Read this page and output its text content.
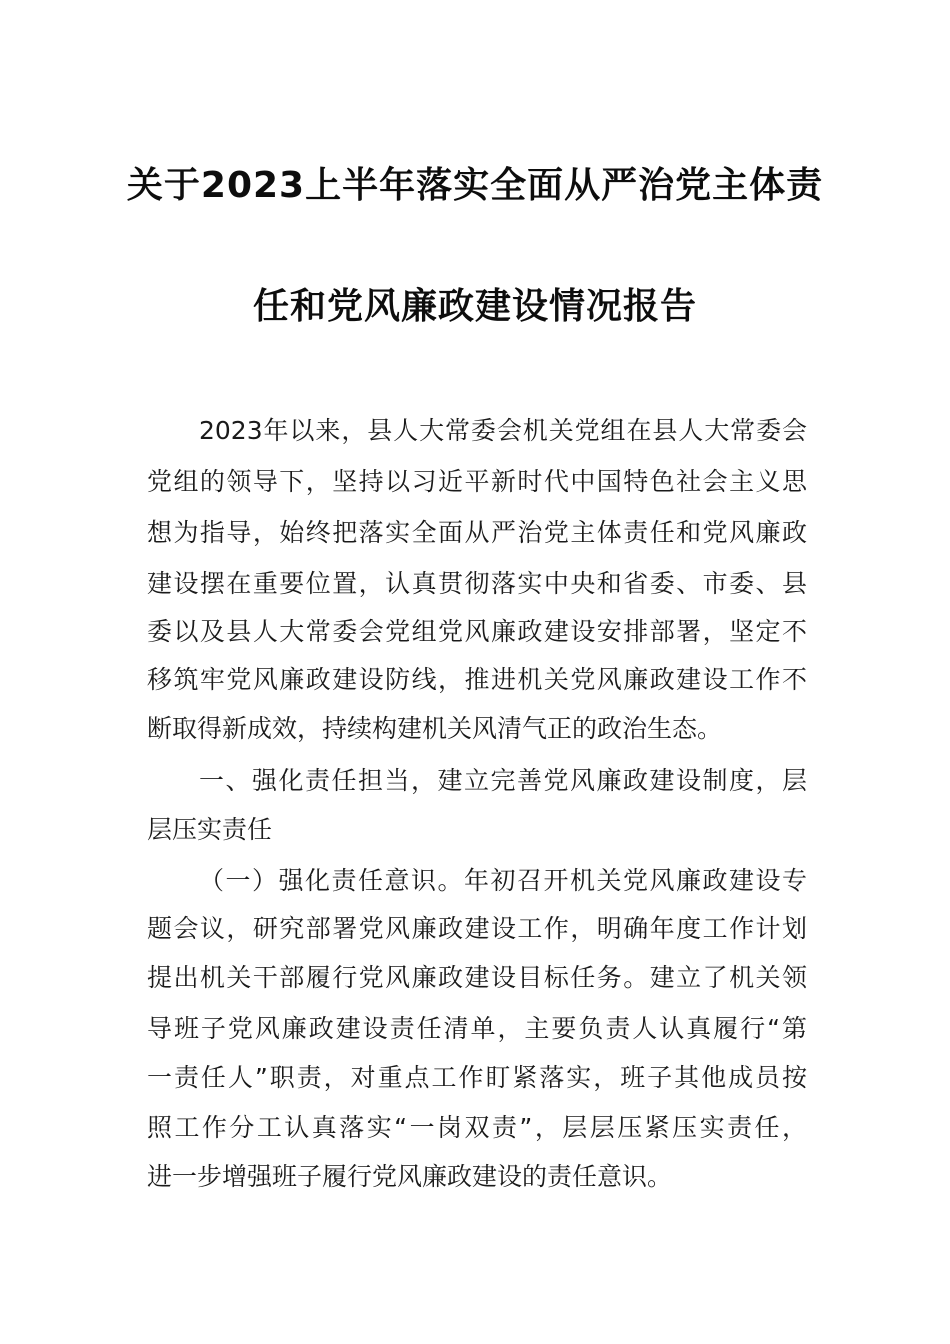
关于2023上半年落实全面从严治党主体责
任和党风廉政建设情况报告
2023年以来，县人大常委会机关党组在县人大常委会
党组的领导下，坚持以习近平新时代中国特色社会主义思
想为指导，始终把落实全面从严治党主体责任和党风廉政
建设摆在重要位置，认真贯彻落实中央和省委、市委、县
委以及县人大常委会党组党风廉政建设安排部署，坚定不
移筑牢党风廉政建设防线，推进机关党风廉政建设工作不
断取得新成效，持续构建机关风清气正的政治生态。
一、强化责任担当，建立完善党风廉政建设制度，层
层压实责任
（一）强化责任意识。年初召开机关党风廉政建设专
题会议，研究部署党风廉政建设工作，明确年度工作计划
提出机关干部履行党风廉政建设目标任务。建立了机关领
导班子党风廉政建设责任清单，主要负责人认真履行“第
一责任人”职责，对重点工作盯紧落实，班子其他成员按
照工作分工认真落实“一岗双责”，层层压紧压实责任，
进一步增强班子履行党风廉政建设的责任意识。
